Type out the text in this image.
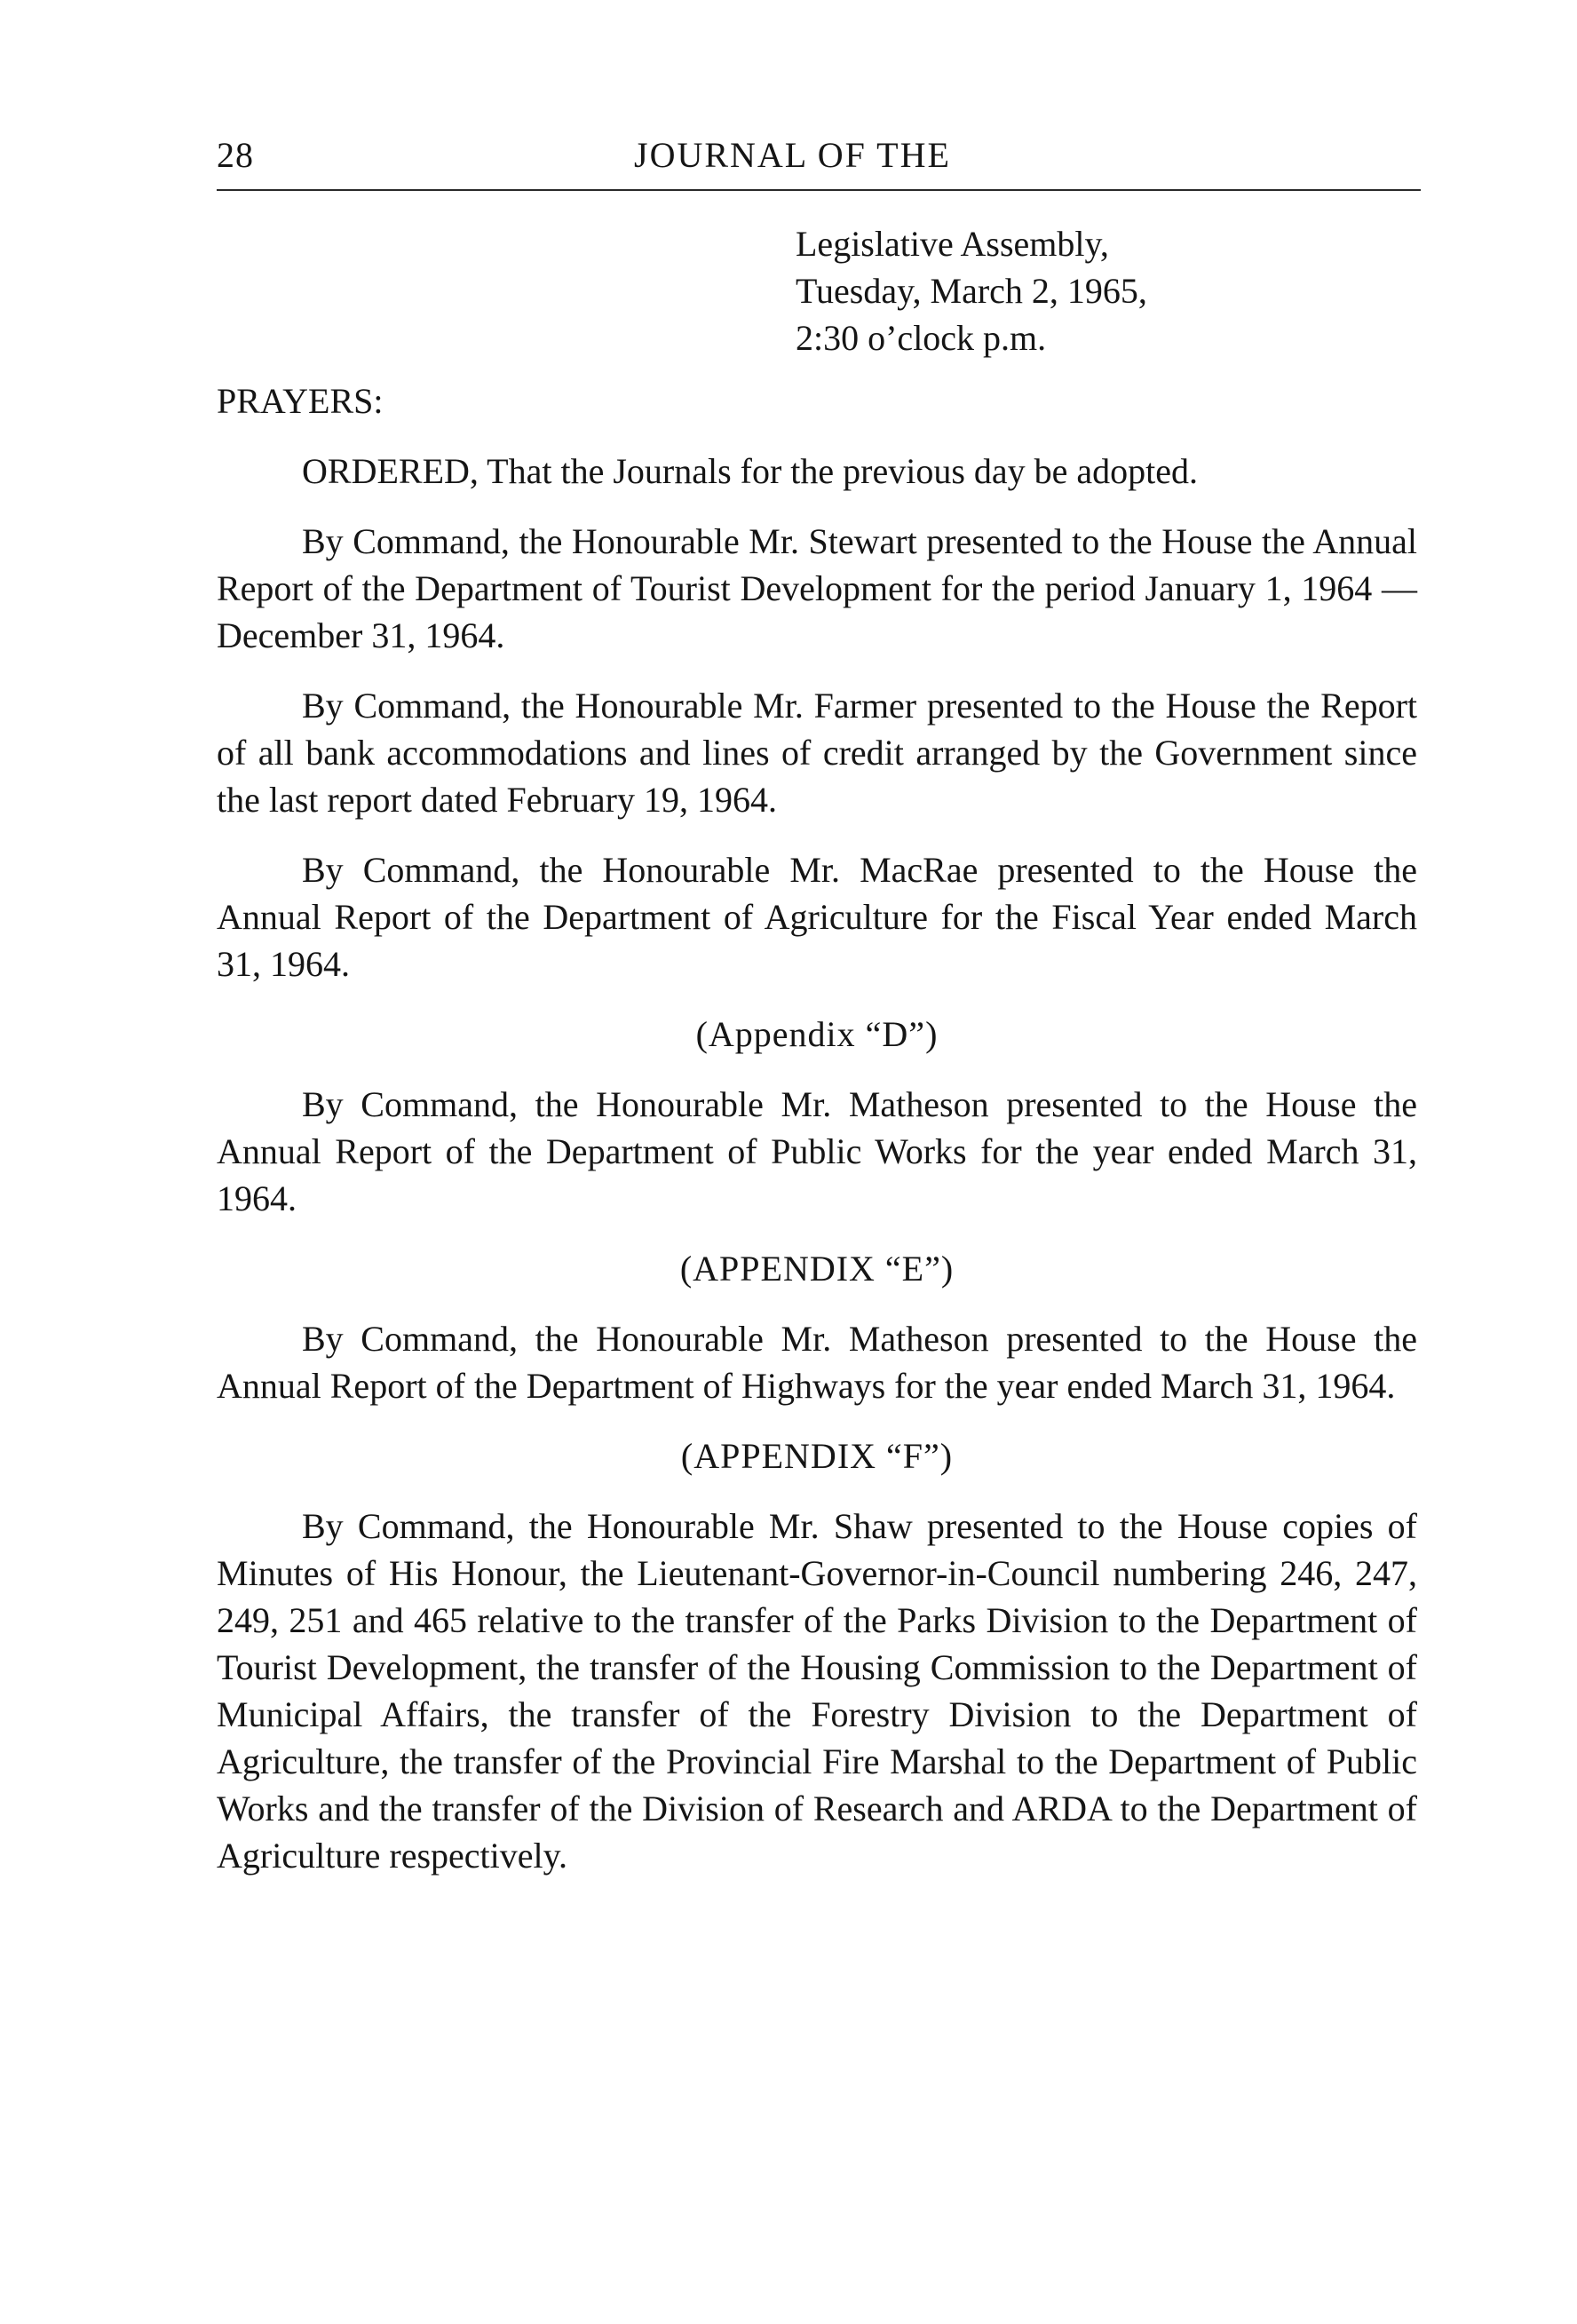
28	JOURNAL OF THE
Legislative Assembly,
Tuesday, March 2, 1965,
2:30 o’clock p.m.

PRAYERS:

ORDERED, That the Journals for the previous day be adopted.

By Command, the Honourable Mr. Stewart presented to the House the Annual Report of the Department of Tourist Development for the period January 1, 1964 — December 31, 1964.

By Command, the Honourable Mr. Farmer presented to the House the Report of all bank accommodations and lines of credit arranged by the Government since the last report dated February 19, 1964.

By Command, the Honourable Mr. MacRae presented to the House the Annual Report of the Department of Agriculture for the Fiscal Year ended March 31, 1964.

(Appendix “D”)

By Command, the Honourable Mr. Matheson presented to the House the Annual Report of the Department of Public Works for the year ended March 31, 1964.

(APPENDIX “E”)

By Command, the Honourable Mr. Matheson presented to the House the Annual Report of the Department of Highways for the year ended March 31, 1964.

(APPENDIX “F”)

By Command, the Honourable Mr. Shaw presented to the House copies of Minutes of His Honour, the Lieutenant-Governor-in-Council numbering 246, 247, 249, 251 and 465 relative to the transfer of the Parks Division to the Department of Tourist Development, the transfer of the Housing Commission to the Department of Municipal Affairs, the transfer of the Forestry Division to the Department of Agriculture, the transfer of the Provincial Fire Marshal to the Department of Public Works and the transfer of the Division of Research and ARDA to the Department of Agriculture respectively.
